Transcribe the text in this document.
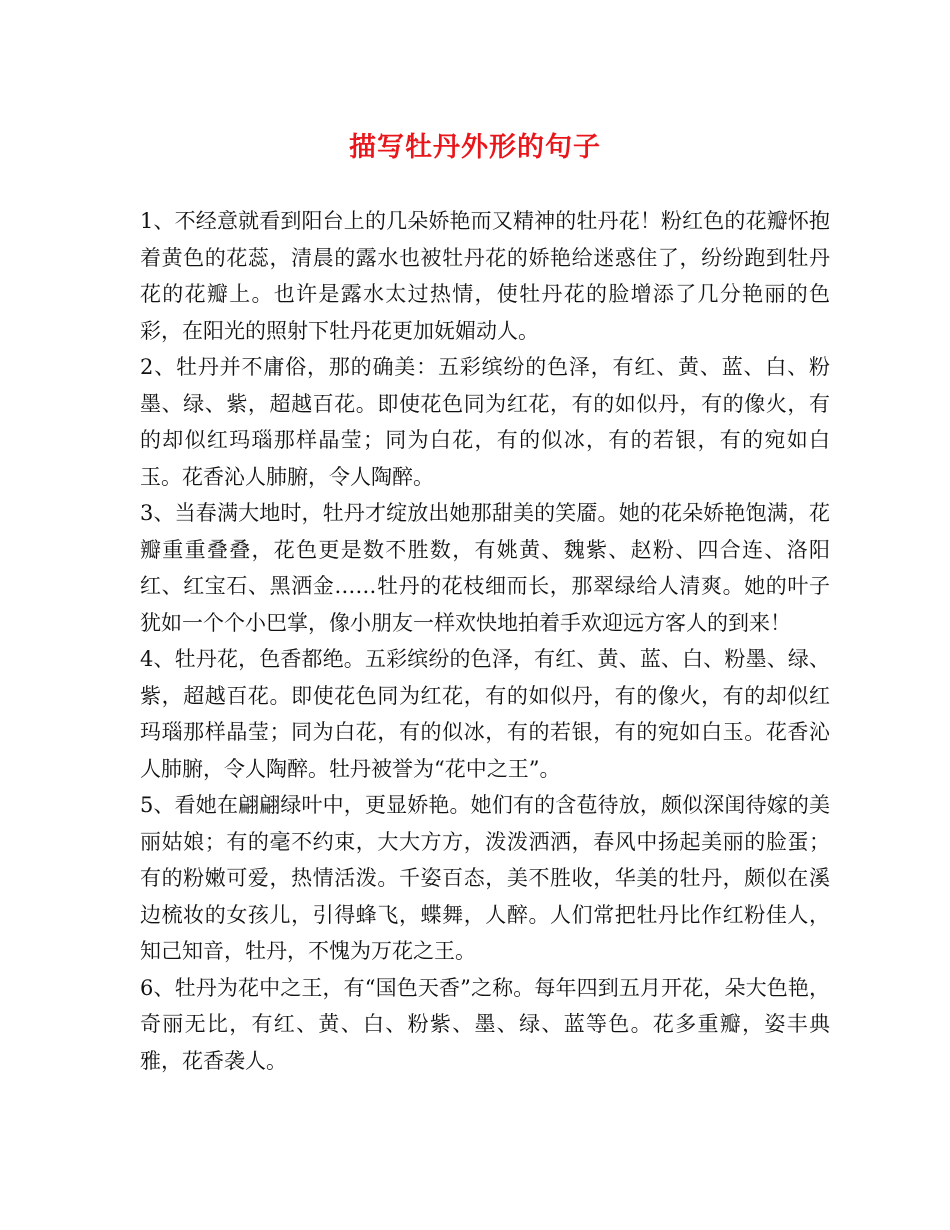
描写牡丹外形的句子

1、不经意就看到阳台上的几朵娇艳而又精神的牡丹花！粉红色的花瓣怀抱着黄色的花蕊，清晨的露水也被牡丹花的娇艳给迷惑住了，纷纷跑到牡丹花的花瓣上。也许是露水太过热情，使牡丹花的脸增添了几分艳丽的色彩，在阳光的照射下牡丹花更加妩媚动人。

2、牡丹并不庸俗，那的确美：五彩缤纷的色泽，有红、黄、蓝、白、粉墨、绿、紫，超越百花。即使花色同为红花，有的如似丹，有的像火，有的却似红玛瑙那样晶莹；同为白花，有的似冰，有的若银，有的宛如白玉。花香沁人肺腑，令人陶醉。

3、当春满大地时，牡丹才绽放出她那甜美的笑靥。她的花朵娇艳饱满，花瓣重重叠叠，花色更是数不胜数，有姚黄、魏紫、赵粉、四合连、洛阳红、红宝石、黑洒金……牡丹的花枝细而长，那翠绿给人清爽。她的叶子犹如一个个小巴掌，像小朋友一样欢快地拍着手欢迎远方客人的到来！

4、牡丹花，色香都绝。五彩缤纷的色泽，有红、黄、蓝、白、粉墨、绿、紫，超越百花。即使花色同为红花，有的如似丹，有的像火，有的却似红玛瑙那样晶莹；同为白花，有的似冰，有的若银，有的宛如白玉。花香沁人肺腑，令人陶醉。牡丹被誉为“花中之王”。

5、看她在翩翩绿叶中，更显娇艳。她们有的含苞待放，颇似深闺待嫁的美丽姑娘；有的毫不约束，大大方方，泼泼洒洒，春风中扬起美丽的脸蛋；有的粉嫩可爱，热情活泼。千姿百态，美不胜收，华美的牡丹，颇似在溪边梳妆的女孩儿，引得蜂飞，蝶舞，人醉。人们常把牡丹比作红粉佳人，知己知音，牡丹，不愧为万花之王。

6、牡丹为花中之王，有“国色天香”之称。每年四到五月开花，朵大色艳，奇丽无比，有红、黄、白、粉紫、墨、绿、蓝等色。花多重瓣，姿丰典雅，花香袭人。
